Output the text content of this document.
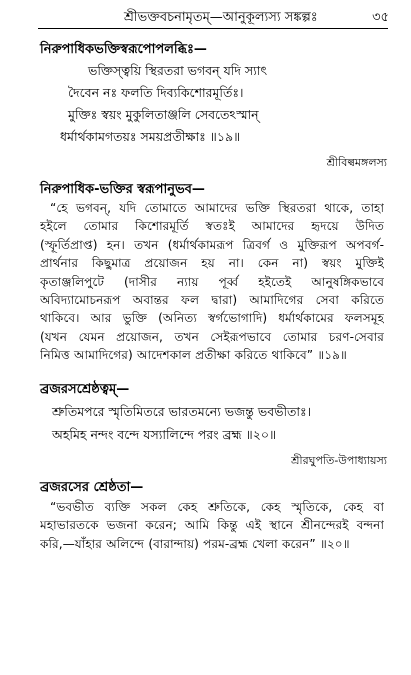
শ্রীভক্তবচনামৃতম্—আনুকূল্যস্য সঙ্কল্পঃ	৩৫
নিরুপাধিকভক্তিস্বরূপোপলব্ধিঃ—
ভক্তিস্ত্বয়ি স্থিরতরা ভগবন্ যদি স্যাৎ
দৈবেন নঃ ফলতি দিব্যকিশোরমূর্তিঃ।
মুক্তিঃ স্বয়ং মুকুলিতাঞ্জলি সেবতেঽস্মান্
ধর্মার্থকামগতয়ঃ সময়প্রতীক্ষাঃ ॥১৯॥
শ্রীবিল্বমঙ্গলস্য
নিরুপাধিক-ভক্তির স্বরূপানুভব—

“হে ভগবন্, যদি তোমাতে আমাদের ভক্তি স্থিরতরা থাকে, তাহা
হইলে তোমার কিশোরমূর্তি স্বতঃই আমাদের হৃদয়ে উদিত
(স্ফূর্তিপ্রাপ্ত) হন। তখন (ধর্মার্থকামরূপ ত্রিবর্গ ও মুক্তিরূপ অপবর্গ-
প্রার্থনার কিছুমাত্র প্রয়োজন হয় না। কেন না) স্বয়ং মুক্তিই
কৃতাঞ্জলিপুটে (দাসীর ন্যায় পূর্ব্ব হইতেই আনুষঙ্গিকভাবে
অবিদ্যামোচনরূপ অবান্তর ফল দ্বারা) আমাদিগের সেবা করিতে
থাকিবে। আর ভুক্তি (অনিত্য স্বর্গভোগাদি) ধর্মার্থকামের ফলসমূহ
(যখন যেমন প্রয়োজন, তখন সেইরূপভাবে তোমার চরণ-সেবার
নিমিত্ত আমাদিগের) আদেশকাল প্রতীক্ষা করিতে থাকিবে” ॥১৯॥

ব্রজরসশ্রেষ্ঠত্বম্—
শ্রুতিমপরে স্মৃতিমিতরে ভারতমন্যে ভজন্তু ভবভীতাঃ।
অহমিহ নন্দং বন্দে যস্যালিন্দে পরং ব্রহ্ম ॥২০॥
শ্রীরঘুপতি-উপাধ্যায়স্য
ব্রজরসের শ্রেষ্ঠতা—

“ভবভীত ব্যক্তি সকল কেহ শ্রুতিকে, কেহ স্মৃতিকে, কেহ বা
মহাভারতকে ভজনা করেন; আমি কিন্তু এই স্থানে শ্রীনন্দেরই বন্দনা
করি,—যাঁহার অলিন্দে (বারান্দায়) পরম-ব্রহ্ম খেলা করেন” ॥২০॥
